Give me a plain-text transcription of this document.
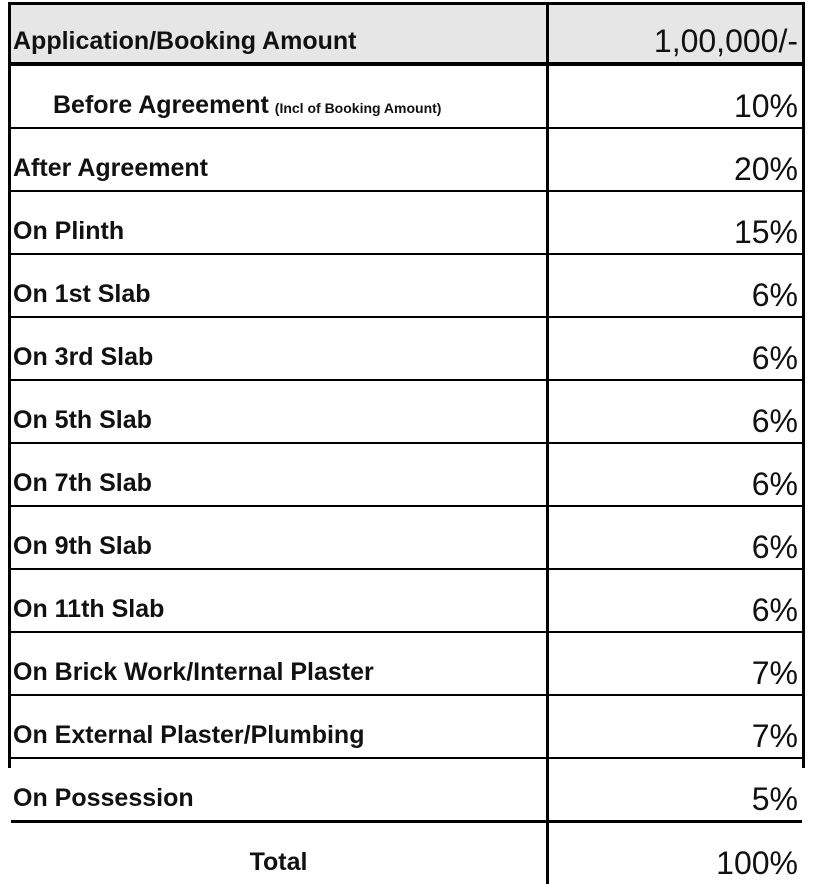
Application/Booking Amount	1,00,000/-
Before Agreement (Incl of Booking Amount)	10%
After Agreement	20%
On Plinth	15%
On 1st Slab	6%
On 3rd Slab	6%
On 5th Slab	6%
On 7th Slab	6%
On 9th Slab	6%
On 11th Slab	6%
On Brick Work/Internal Plaster	7%
On External Plaster/Plumbing	7%
On Possession	5%
Total	100%
